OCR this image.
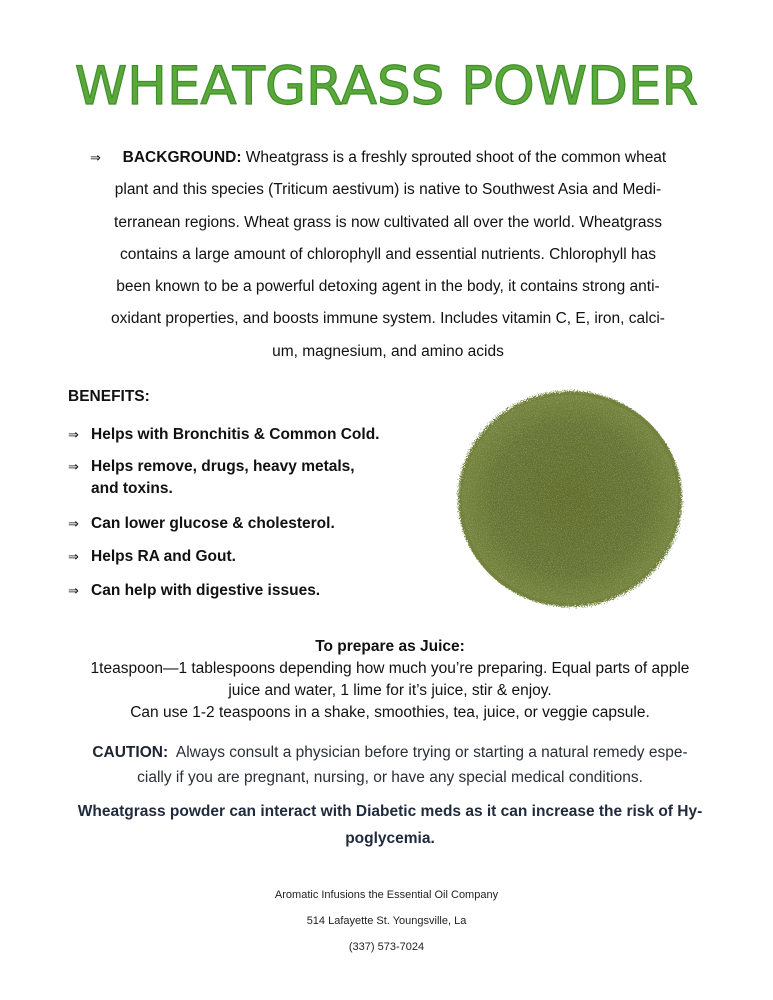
WHEATGRASS POWDER
⇒	BACKGROUND: Wheatgrass is a freshly sprouted shoot of the common wheat
plant and this species (Triticum aestivum) is native to Southwest Asia and Medi-
terranean regions. Wheat grass is now cultivated all over the world. Wheatgrass
contains a large amount of chlorophyll and essential nutrients. Chlorophyll has
been known to be a powerful detoxing agent in the body, it contains strong anti-
oxidant properties, and boosts immune system. Includes vitamin C, E, iron, calci-
um, magnesium, and amino acids
BENEFITS:
⇒ Helps with Bronchitis & Common Cold.
⇒ Helps remove, drugs, heavy metals,
and toxins.
⇒ Can lower glucose & cholesterol.
⇒ Helps RA and Gout.
⇒ Can help with digestive issues.
To prepare as Juice:
1teaspoon—1 tablespoons depending how much you’re preparing. Equal parts of apple
juice and water, 1 lime for it’s juice, stir & enjoy.
Can use 1-2 teaspoons in a shake, smoothies, tea, juice, or veggie capsule.
CAUTION:  Always consult a physician before trying or starting a natural remedy espe-
cially if you are pregnant, nursing, or have any special medical conditions.
Wheatgrass powder can interact with Diabetic meds as it can increase the risk of Hy-
poglycemia.
Aromatic Infusions the Essential Oil Company
514 Lafayette St. Youngsville, La
(337) 573-7024
